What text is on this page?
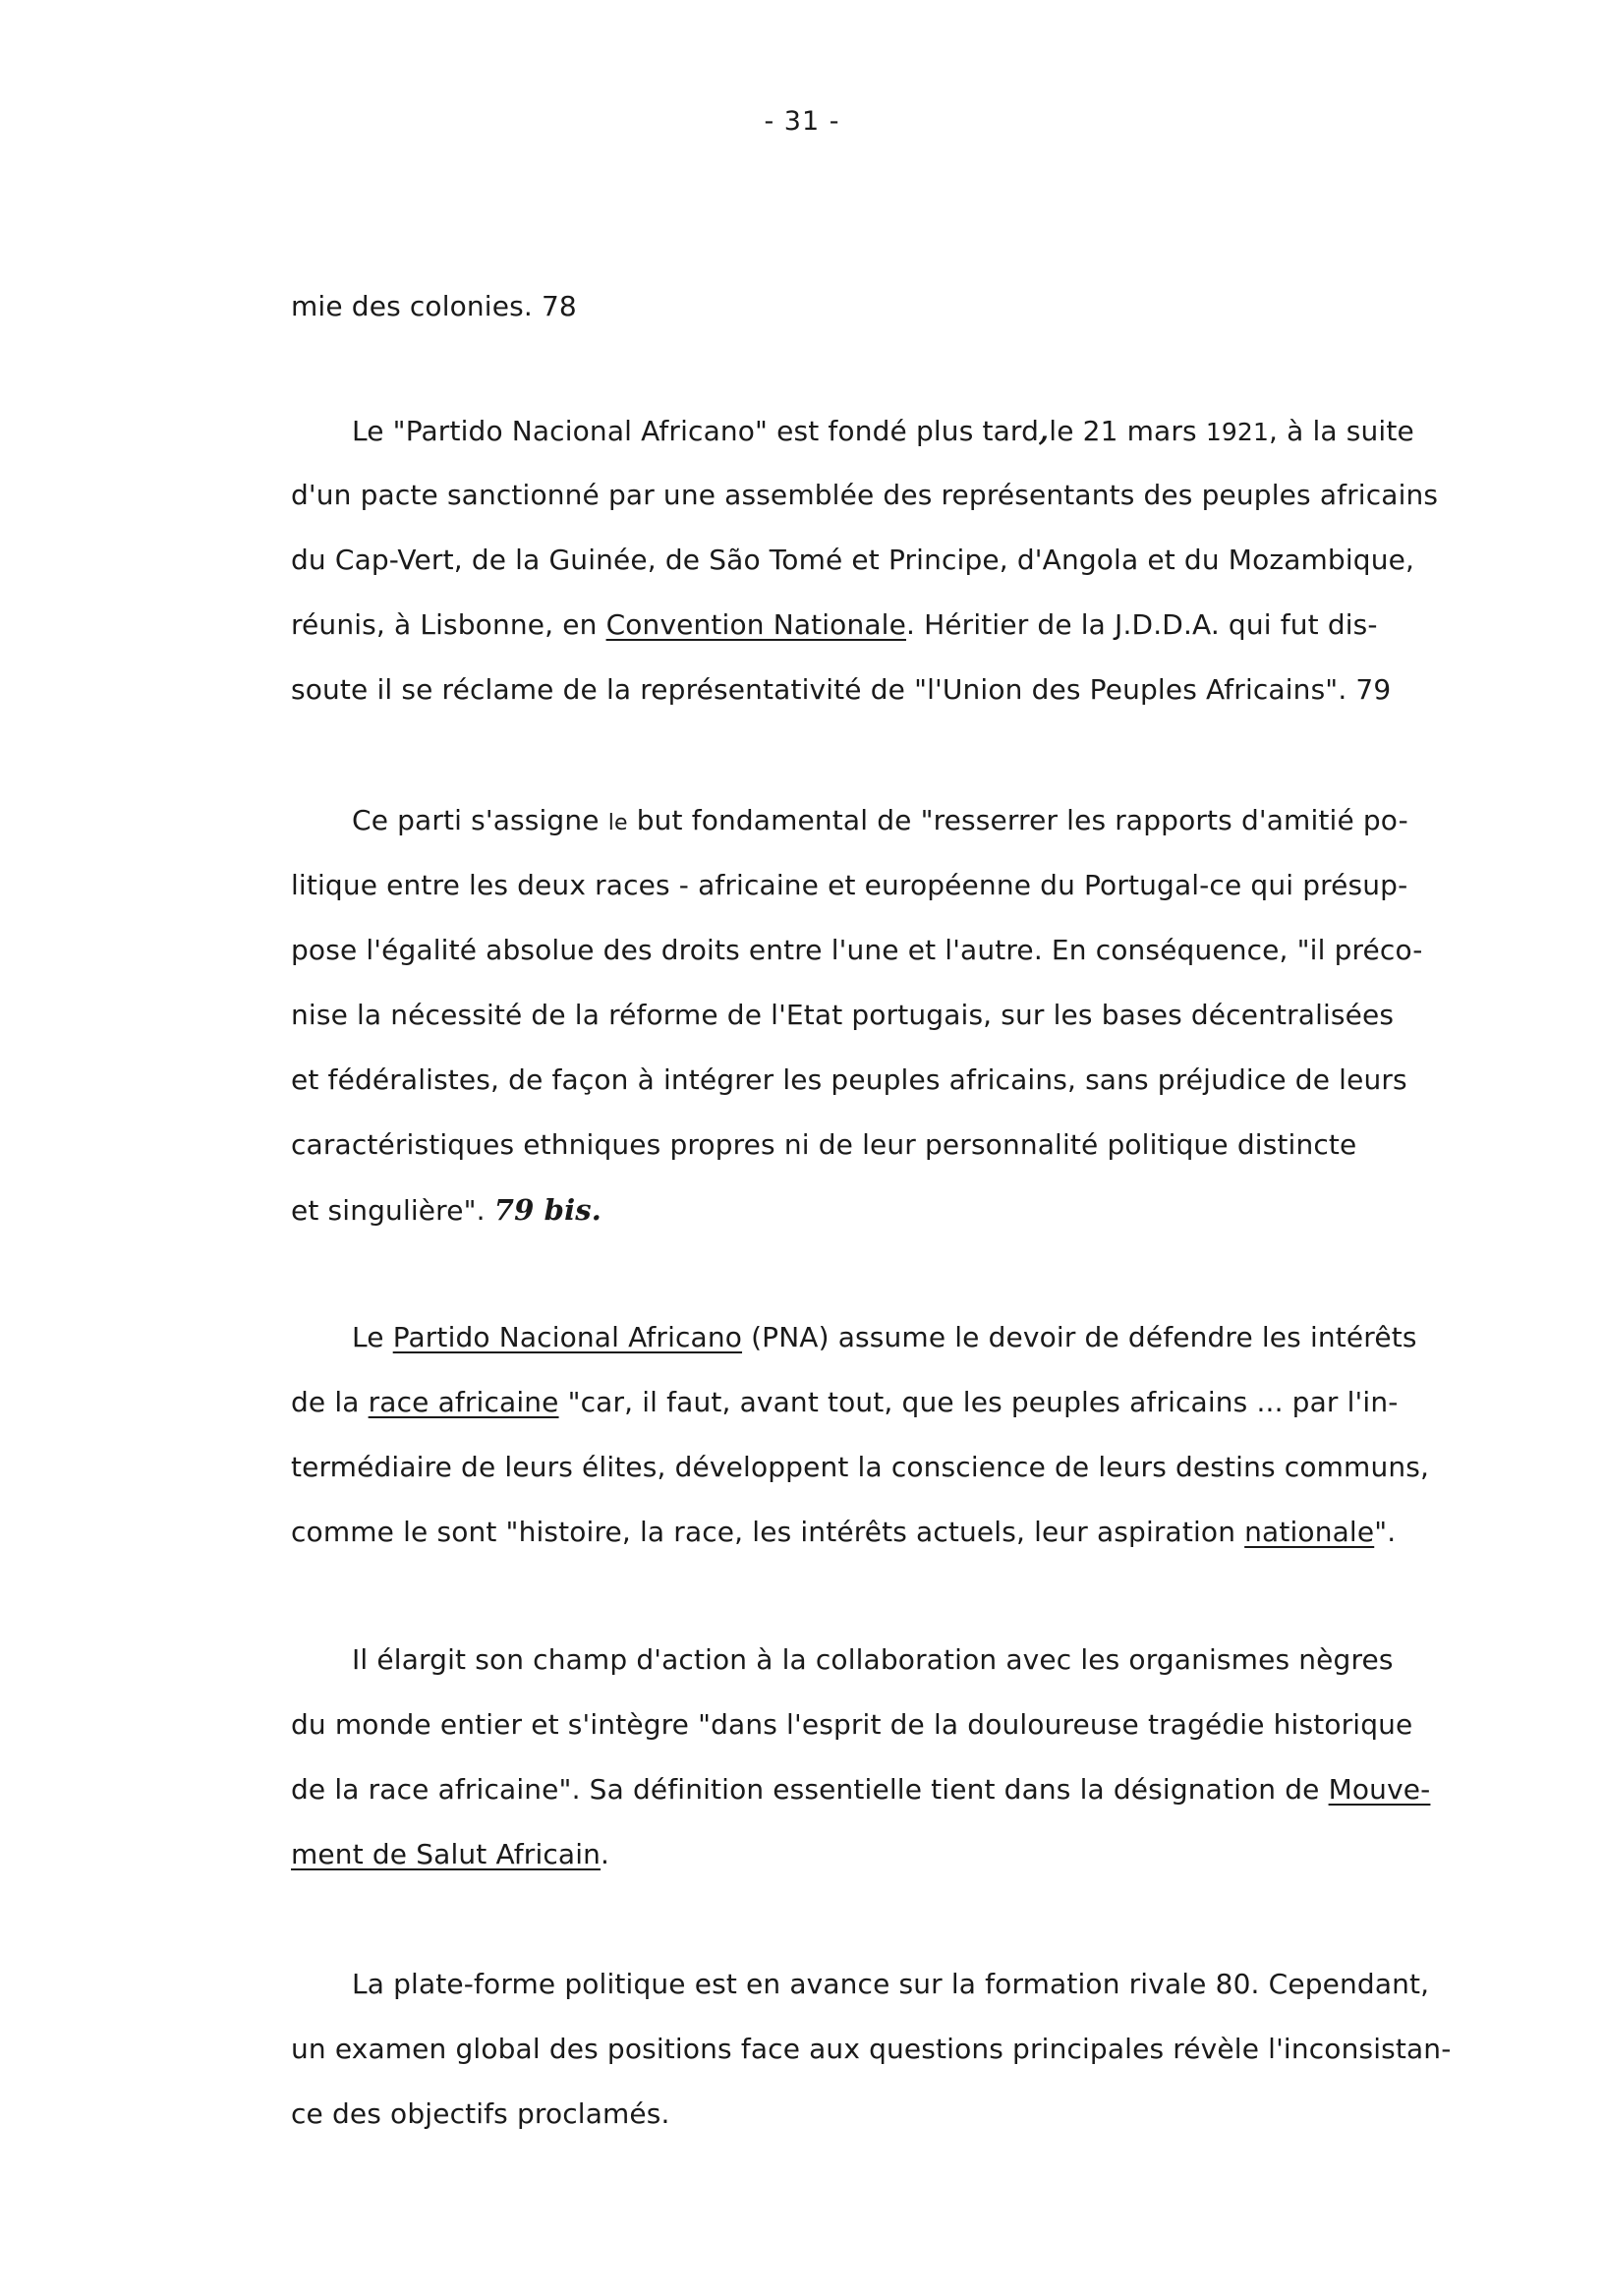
- 31 -
mie des colonies. 78
Le "Partido Nacional Africano" est fondé plus tard,le 21 mars 1921, à la suite
d'un pacte sanctionné par une assemblée des représentants des peuples africains
du Cap-Vert, de la Guinée, de São Tomé et Principe, d'Angola et du Mozambique,
réunis, à Lisbonne, en Convention Nationale. Héritier de la J.D.D.A. qui fut dis-
soute il se réclame de la représentativité de "l'Union des Peuples Africains". 79
Ce parti s'assigne le but fondamental de "resserrer les rapports d'amitié po-
litique entre les deux races - africaine et européenne du Portugal-ce qui présup-
pose l'égalité absolue des droits entre l'une et l'autre. En conséquence, "il préco-
nise la nécessité de la réforme de l'Etat portugais, sur les bases décentralisées
et fédéralistes, de façon à intégrer les peuples africains, sans préjudice de leurs
caractéristiques ethniques propres ni de leur personnalité politique distincte
et singulière". 79 bis.
Le Partido Nacional Africano (PNA) assume le devoir de défendre les intérêts
de la race africaine "car, il faut, avant tout, que les peuples africains ... par l'in-
termédiaire de leurs élites, développent la conscience de leurs destins communs,
comme le sont "histoire, la race, les intérêts actuels, leur aspiration nationale".
Il élargit son champ d'action à la collaboration avec les organismes nègres
du monde entier et s'intègre "dans l'esprit de la douloureuse tragédie historique
de la race africaine". Sa définition essentielle tient dans la désignation de Mouve-
ment de Salut Africain.
La plate-forme politique est en avance sur la formation rivale 80. Cependant,
un examen global des positions face aux questions principales révèle l'inconsistan-
ce des objectifs proclamés.
